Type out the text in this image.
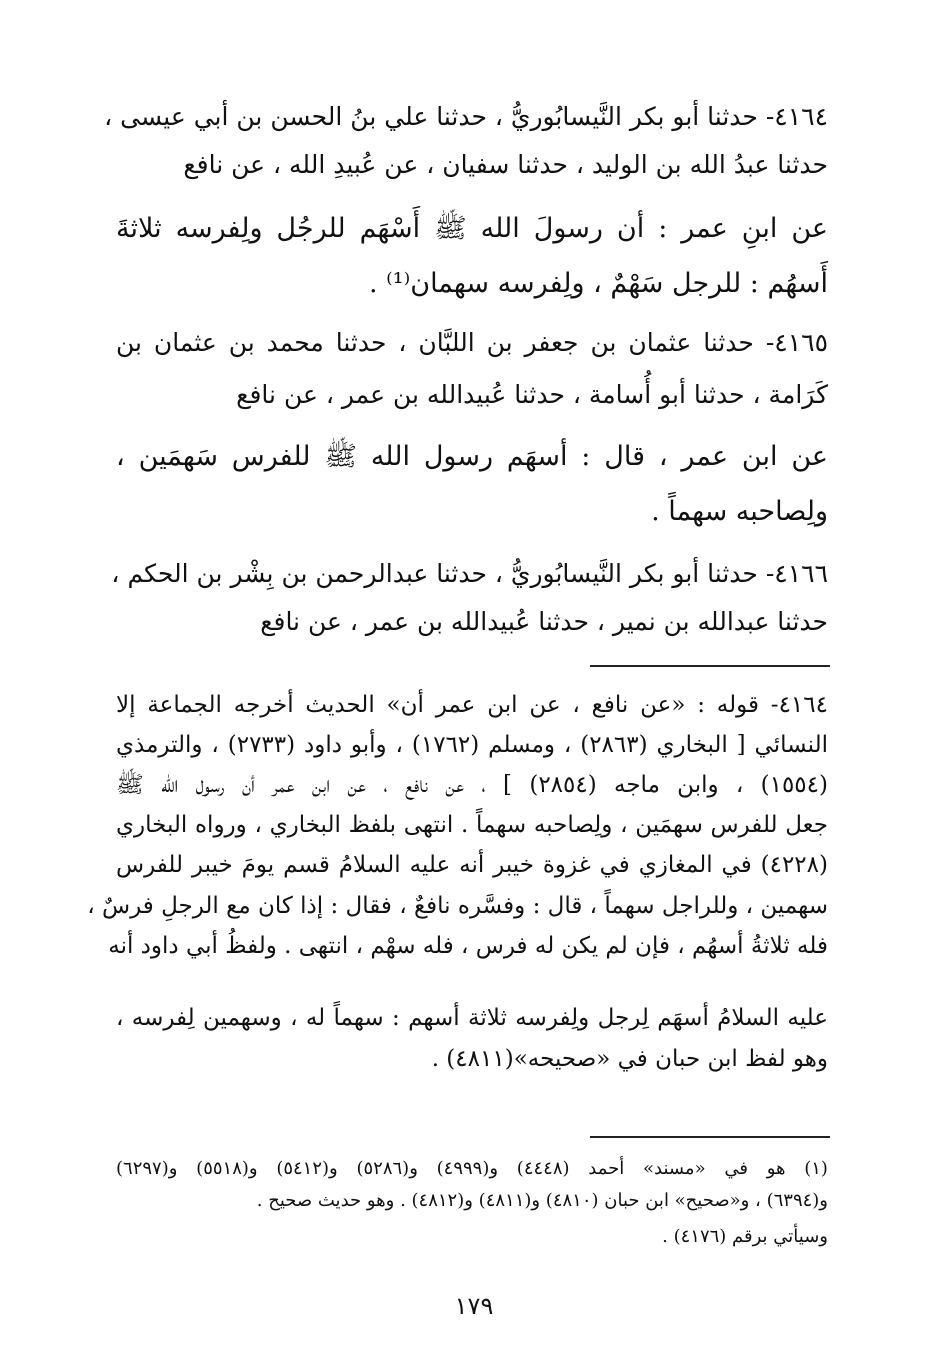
٤١٦٤- حدثنا أبو بكر النَّيسابُوريُّ ، حدثنا علي بنُ الحسن بن أبي عيسى ،
حدثنا عبدُ الله بن الوليد ، حدثنا سفيان ، عن عُبيدِ الله ، عن نافع
عن ابنِ عمر : أن رسولَ الله ﷺ أَسْهَم للرجُل ولِفرسه ثلاثةَ
أَسهُم : للرجل سَهْمٌ ، ولِفرسه سهمان⁽¹⁾ .
٤١٦٥- حدثنا عثمان بن جعفر بن اللبَّان ، حدثنا محمد بن عثمان بن
كَرَامة ، حدثنا أبو أُسامة ، حدثنا عُبيدالله بن عمر ، عن نافع
عن ابن عمر ، قال : أسهَم رسول الله ﷺ للفرس سَهمَين ،
ولِصاحبه سهماً .
٤١٦٦- حدثنا أبو بكر النَّيسابُوريُّ ، حدثنا عبدالرحمن بن بِشْر بن الحكم ،
حدثنا عبدالله بن نمير ، حدثنا عُبيدالله بن عمر ، عن نافع
٤١٦٤- قوله : «عن نافع ، عن ابن عمر أن» الحديث أخرجه الجماعة إلا
النسائي [ البخاري (٢٨٦٣) ، ومسلم (١٧٦٢) ، وأبو داود (٢٧٣٣) ، والترمذي
(١٥٥٤) ، وابن ماجه (٢٨٥٤) ] ، عن نافع ، عن ابن عمر أن رسول الله ﷺ
جعل للفرس سهمَين ، ولِصاحبه سهماً . انتهى بلفظ البخاري ، ورواه البخاري
(٤٢٢٨) في المغازي في غزوة خيبر أنه عليه السلامُ قسم يومَ خيبر للفرس
سهمين ، وللراجل سهماً ، قال : وفسَّره نافعٌ ، فقال : إذا كان مع الرجلِ فرسٌ ،
فله ثلاثةُ أسهُم ، فإن لم يكن له فرس ، فله سهْم ، انتهى . ولفظُ أبي داود أنه
عليه السلامُ أسهَم لِرجل ولِفرسه ثلاثة أسهم : سهماً له ، وسهمين لِفرسه ،
وهو لفظ ابن حبان في «صحيحه»(٤٨١١) .
(١) هو في «مسند» أحمد (٤٤٤٨) و(٤٩٩٩) و(٥٢٨٦) و(٥٤١٢) و(٥٥١٨) و(٦٢٩٧)
و(٦٣٩٤) ، و«صحيح» ابن حبان (٤٨١٠) و(٤٨١١) و(٤٨١٢) . وهو حديث صحيح .
وسيأتي برقم (٤١٧٦) .
١٧٩
